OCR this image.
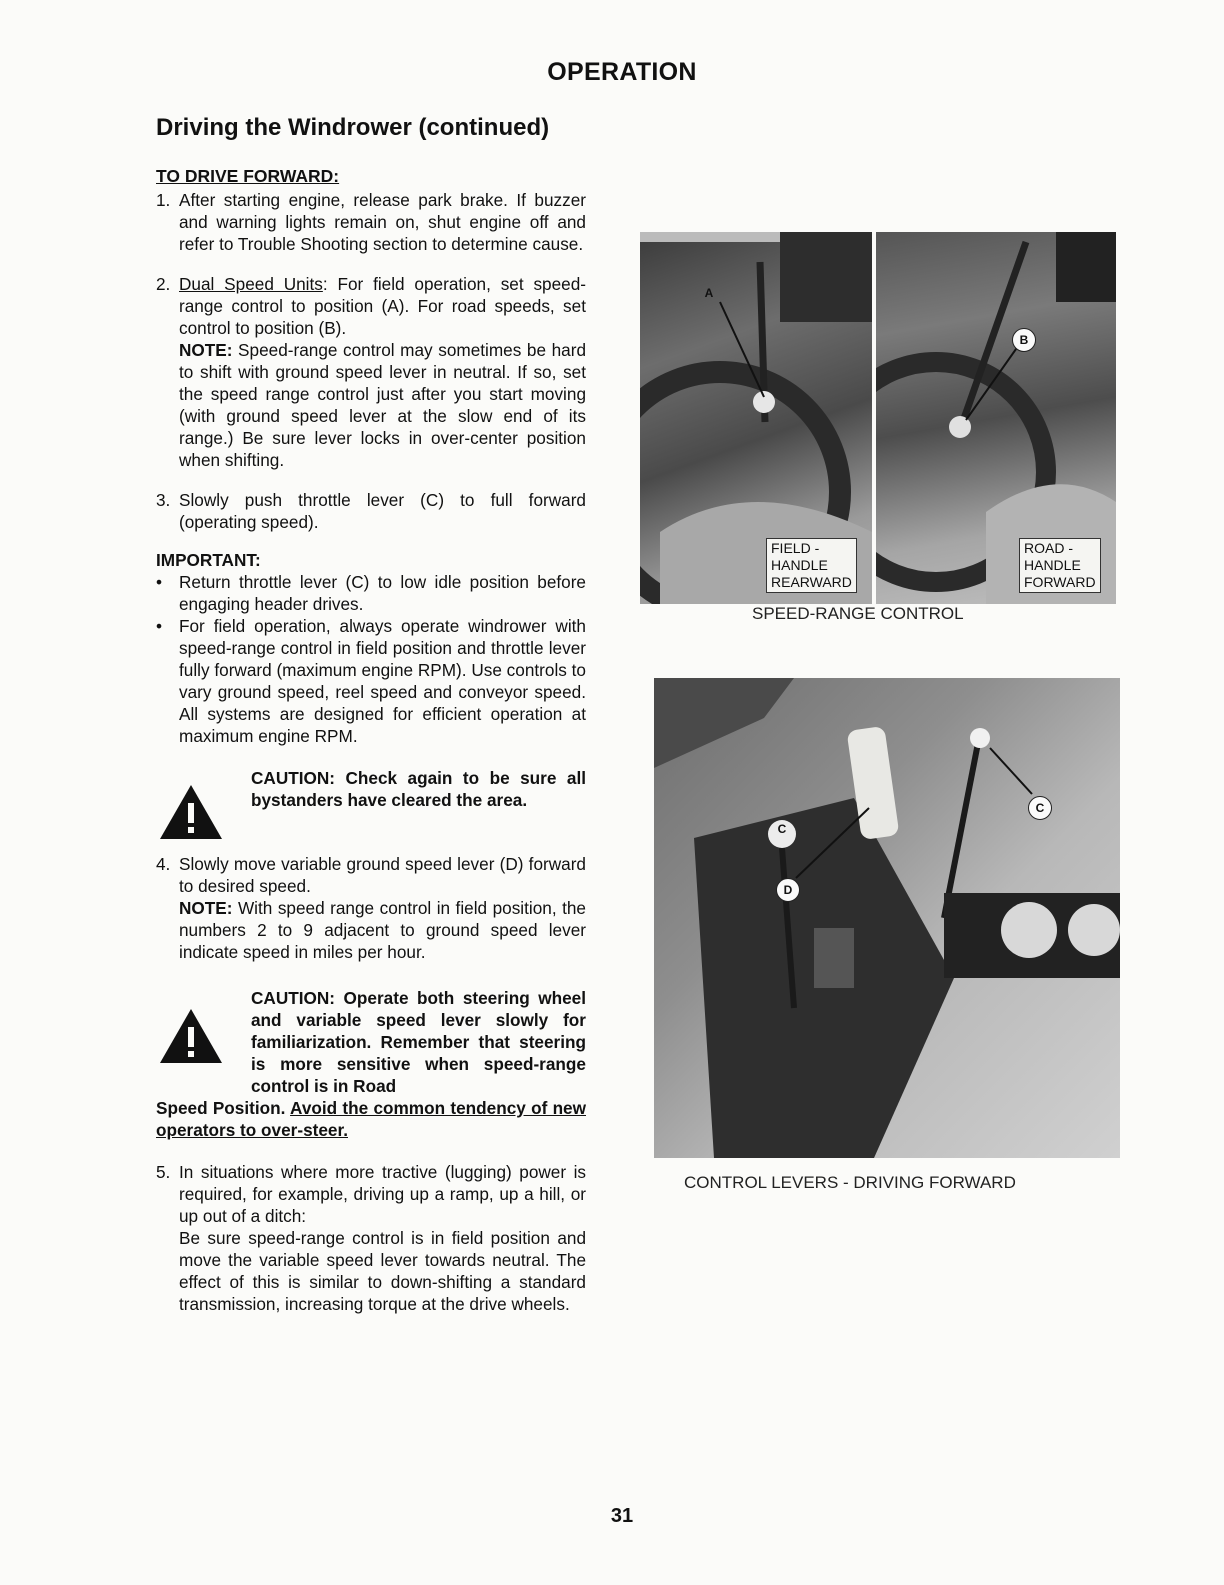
OPERATION
Driving the Windrower (continued)
TO DRIVE FORWARD:
1. After starting engine, release park brake. If buzzer and warning lights remain on, shut engine off and refer to Trouble Shooting section to determine cause.
2. Dual Speed Units: For field operation, set speed-range control to position (A). For road speeds, set control to position (B).
NOTE: Speed-range control may sometimes be hard to shift with ground speed lever in neutral. If so, set the speed range control just after you start moving (with ground speed lever at the slow end of its range.) Be sure lever locks in over-center position when shifting.
3. Slowly push throttle lever (C) to full forward (operating speed).
IMPORTANT:
• Return throttle lever (C) to low idle position before engaging header drives.
• For field operation, always operate windrower with speed-range control in field position and throttle lever fully forward (maximum engine RPM). Use controls to vary ground speed, reel speed and conveyor speed. All systems are designed for efficient operation at maximum engine RPM.
CAUTION: Check again to be sure all bystanders have cleared the area.
4. Slowly move variable ground speed lever (D) forward to desired speed.
NOTE: With speed range control in field position, the numbers 2 to 9 adjacent to ground speed lever indicate speed in miles per hour.
CAUTION: Operate both steering wheel and variable speed lever slowly for familiarization. Remember that steering is more sensitive when speed-range control is in Road
Speed Position. Avoid the common tendency of new operators to over-steer.
5. In situations where more tractive (lugging) power is required, for example, driving up a ramp, up a hill, or up out of a ditch:
Be sure speed-range control is in field position and move the variable speed lever towards neutral. The effect of this is similar to down-shifting a standard transmission, increasing torque at the drive wheels.
A
FIELD -
HANDLE
REARWARD
B
ROAD -
HANDLE
FORWARD
SPEED-RANGE CONTROL
C
C
D
CONTROL LEVERS - DRIVING FORWARD
31
